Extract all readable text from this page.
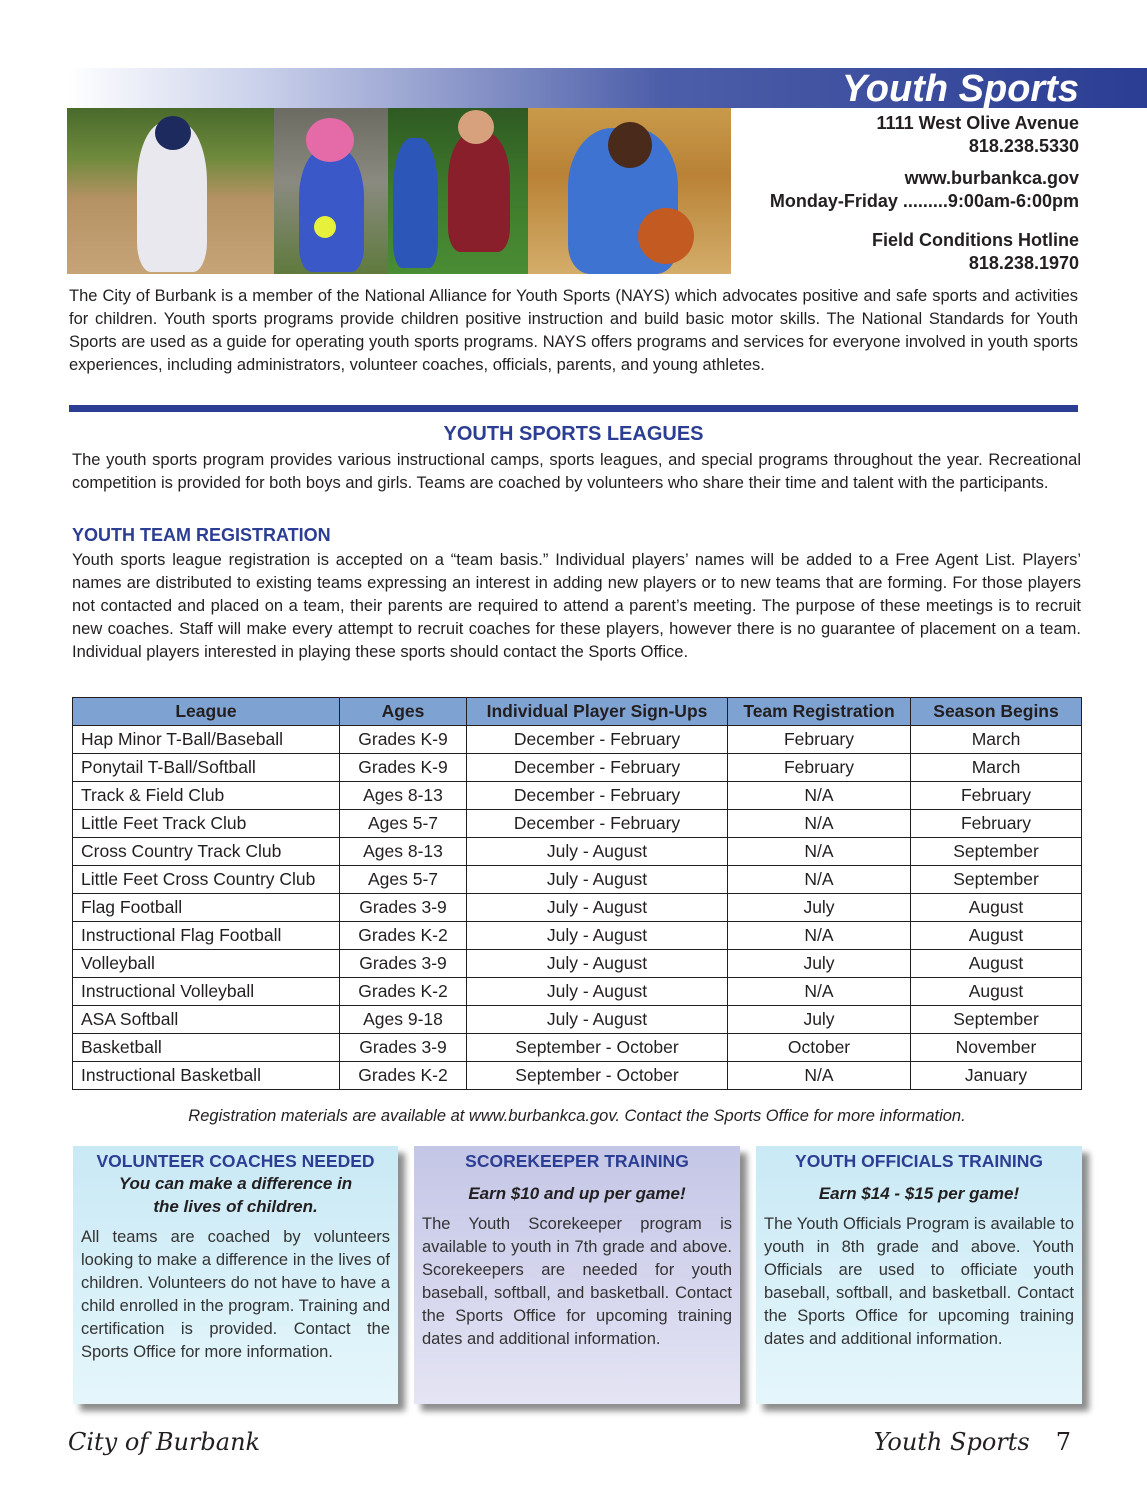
Youth Sports
1111 West Olive Avenue
818.238.5330
www.burbankca.gov
Monday-Friday .........9:00am-6:00pm
Field Conditions Hotline
818.238.1970
The City of Burbank is a member of the National Alliance for Youth Sports (NAYS) which advocates positive and safe sports and activities for children. Youth sports programs provide children positive instruction and build basic motor skills. The National Standards for Youth Sports are used as a guide for operating youth sports programs. NAYS offers programs and services for everyone involved in youth sports experiences, including administrators, volunteer coaches, officials, parents, and young athletes.
YOUTH SPORTS LEAGUES
The youth sports program provides various instructional camps, sports leagues, and special programs throughout the year. Recreational competition is provided for both boys and girls. Teams are coached by volunteers who share their time and talent with the participants.
YOUTH TEAM REGISTRATION
Youth sports league registration is accepted on a “team basis.” Individual players’ names will be added to a Free Agent List. Players’ names are distributed to existing teams expressing an interest in adding new players or to new teams that are forming. For those players not contacted and placed on a team, their parents are required to attend a parent’s meeting. The purpose of these meetings is to recruit new coaches. Staff will make every attempt to recruit coaches for these players, however there is no guarantee of placement on a team. Individual players interested in playing these sports should contact the Sports Office.
League	Ages	Individual Player Sign-Ups	Team Registration	Season Begins
Hap Minor T-Ball/Baseball	Grades K-9	December - February	February	March
Ponytail T-Ball/Softball	Grades K-9	December - February	February	March
Track & Field Club	Ages 8-13	December - February	N/A	February
Little Feet Track Club	Ages 5-7	December - February	N/A	February
Cross Country Track Club	Ages 8-13	July - August	N/A	September
Little Feet Cross Country Club	Ages 5-7	July - August	N/A	September
Flag Football	Grades 3-9	July - August	July	August
Instructional Flag Football	Grades K-2	July - August	N/A	August
Volleyball	Grades 3-9	July - August	July	August
Instructional Volleyball	Grades K-2	July - August	N/A	August
ASA Softball	Ages 9-18	July - August	July	September
Basketball	Grades 3-9	September - October	October	November
Instructional Basketball	Grades K-2	September - October	N/A	January
Registration materials are available at www.burbankca.gov. Contact the Sports Office for more information.
VOLUNTEER COACHES NEEDED
You can make a difference in
the lives of children.
All teams are coached by volunteers looking to make a difference in the lives of children. Volunteers do not have to have a child enrolled in the program. Training and certification is provided. Contact the Sports Office for more information.
SCOREKEEPER TRAINING
Earn $10 and up per game!
The Youth Scorekeeper program is available to youth in 7th grade and above. Scorekeepers are needed for youth baseball, softball, and basketball. Contact the Sports Office for upcoming training dates and additional information.
YOUTH OFFICIALS TRAINING
Earn $14 - $15 per game!
The Youth Officials Program is available to youth in 8th grade and above. Youth Officials are used to officiate youth baseball, softball, and basketball. Contact the Sports Office for upcoming training dates and additional information.
City of Burbank	Youth Sports 7
